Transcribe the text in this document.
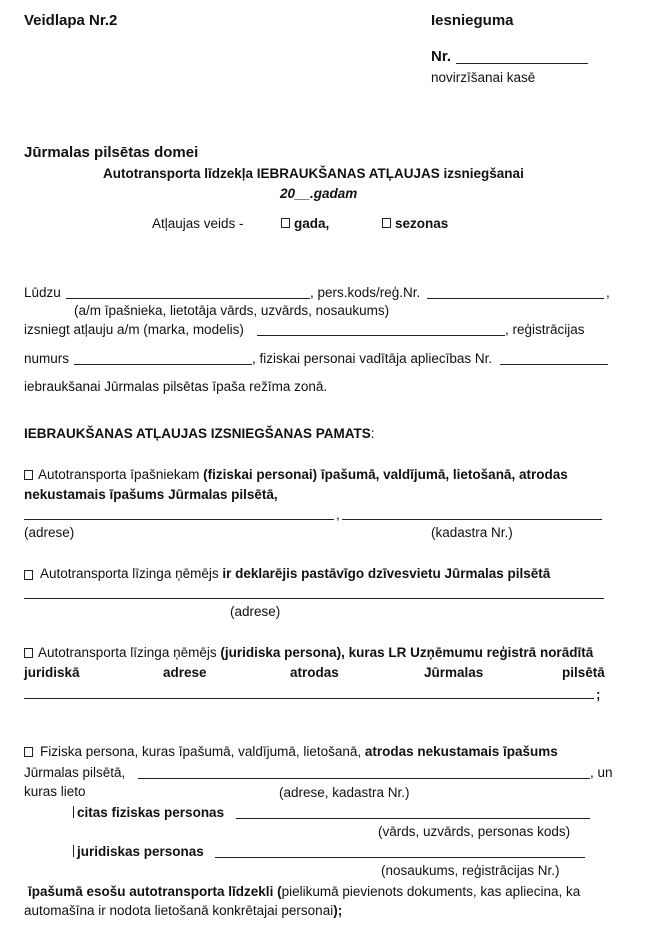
Veidlapa Nr.2	Iesnieguma
Nr.
novirzīšanai kasē
Jūrmalas pilsētas domei
Autotransporta līdzekļa IEBRAUKŠANAS ATĻAUJAS izsniegšanai
20__.gadam
Atļaujas veids -	gada,	sezonas
Lūdzu	, pers.kods/reģ.Nr.	,
(a/m īpašnieka, lietotāja vārds, uzvārds, nosaukums)
izsniegt atļauju a/m (marka, modelis)	, reģistrācijas
numurs	, fiziskai personai vadītāja apliecības Nr.
iebraukšanai Jūrmalas pilsētas īpaša režīma zonā.
IEBRAUKŠANAS ATĻAUJAS IZSNIEGŠANAS PAMATS:
Autotransporta īpašniekam (fiziskai personai) īpašumā, valdījumā, lietošanā, atrodas
nekustamais īpašums Jūrmalas pilsētā,
,
(adrese)	(kadastra Nr.)
Autotransporta līzinga ņēmējs ir deklarējis pastāvīgo dzīvesvietu Jūrmalas pilsētā
(adrese)
Autotransporta līzinga ņēmējs (juridiska persona), kuras LR Uzņēmumu reģistrā norādītā
juridiskā	adrese	atrodas	Jūrmalas	pilsētā
;
Fiziska persona, kuras īpašumā, valdījumā, lietošanā, atrodas nekustamais īpašums
Jūrmalas pilsētā,	, un
kuras lieto	(adrese, kadastra Nr.)
citas fiziskas personas
(vārds, uzvārds, personas kods)
juridiskas personas
(nosaukums, reģistrācijas Nr.)
īpašumā esošu autotransporta līdzekli (pielikumā pievienots dokuments, kas apliecina, ka
automašīna ir nodota lietošanā konkrētajai personai);
